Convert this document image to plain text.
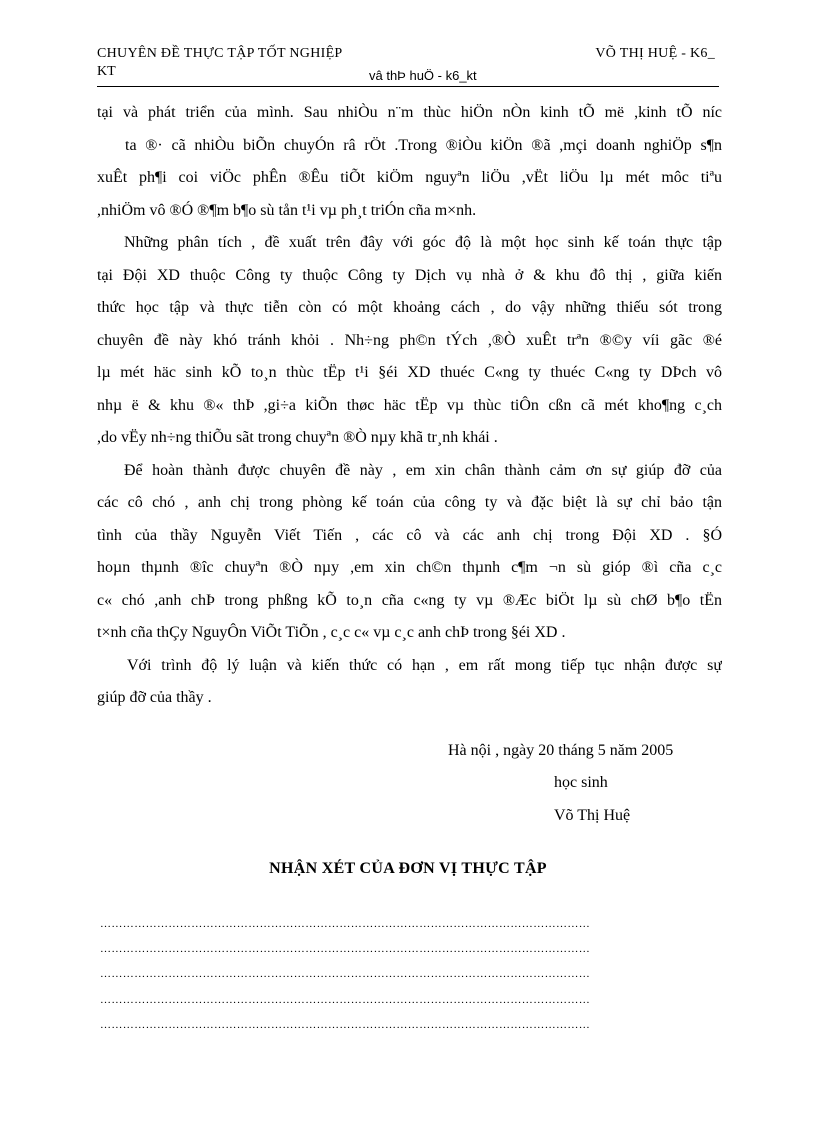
CHUYÊN ĐỀ THỰC TẬP TỐT NGHIỆP	VÕ THỊ HUỆ - K6_
KT	vâ thÞ huÖ - k6_kt
tại và phát triển của mình. Sau nhiÒu n¨m thùc hiÖn nÒn kinh tÕ më ,kinh tÕ níc
ta ®· cã nhiÒu biÕn chuyÓn râ rÖt .Trong ®iÒu kiÖn ®ã ,mçi doanh nghiÖp s¶n
xuÊt ph¶i coi viÖc phÊn ®Êu tiÕt kiÖm nguyªn liÖu ,vËt liÖu lµ mét môc tiªu
,nhiÖm vô ®Ó ®¶m b¶o sù tån t¹i vµ ph¸t triÓn cña m×nh.
Những phân tích , đề xuất trên đây với góc độ là một học sinh kế toán thực tập
tại Đội XD thuộc Công ty thuộc Công ty Dịch vụ nhà ở & khu đô thị , giữa kiến
thức học tập và thực tiễn còn có một khoảng cách , do vậy những thiếu sót trong
chuyên đề này khó tránh khỏi . Nh÷ng ph©n tÝch ,®Ò xuÊt trªn ®©y víi gãc ®é
lµ mét häc sinh kÕ to¸n thùc tËp t¹i §éi XD thuéc C«ng ty thuéc C«ng ty DÞch vô
nhµ ë & khu ®« thÞ ,gi÷a kiÕn thøc häc tËp vµ thùc tiÔn cßn cã mét kho¶ng c¸ch
,do vËy nh÷ng thiÕu sãt trong chuyªn ®Ò nµy khã tr¸nh khái .
Để hoàn thành được chuyên đề này , em xin chân thành cảm ơn sự giúp đỡ của
các cô chó , anh chị trong phòng kế toán của công ty và đặc biệt là sự chỉ bảo tận
tình của thầy Nguyễn Viết Tiến , các cô và các anh chị trong Đội XD . §Ó
hoµn thµnh ®îc chuyªn ®Ò nµy ,em xin ch©n thµnh c¶m ¬n sù gióp ®ì cña c¸c
c« chó ,anh chÞ trong phßng kÕ to¸n cña c«ng ty vµ ®Æc biÖt lµ sù chØ b¶o tËn
t×nh cña thÇy NguyÔn ViÕt TiÕn , c¸c c« vµ c¸c anh chÞ trong §éi XD .
Với trình độ lý luận và kiến thức có hạn , em rất mong tiếp tục nhận được sự
giúp đỡ của thầy .
Hà nội , ngày 20 tháng 5 năm 2005
học sinh
Võ Thị Huệ
NHẬN XÉT CỦA ĐƠN VỊ THỰC TẬP
…………………………………………………………………………………………………………………
…………………………………………………………………………………………………………………
…………………………………………………………………………………………………………………
…………………………………………………………………………………………………………………
…………………………………………………………………………………………………………………
